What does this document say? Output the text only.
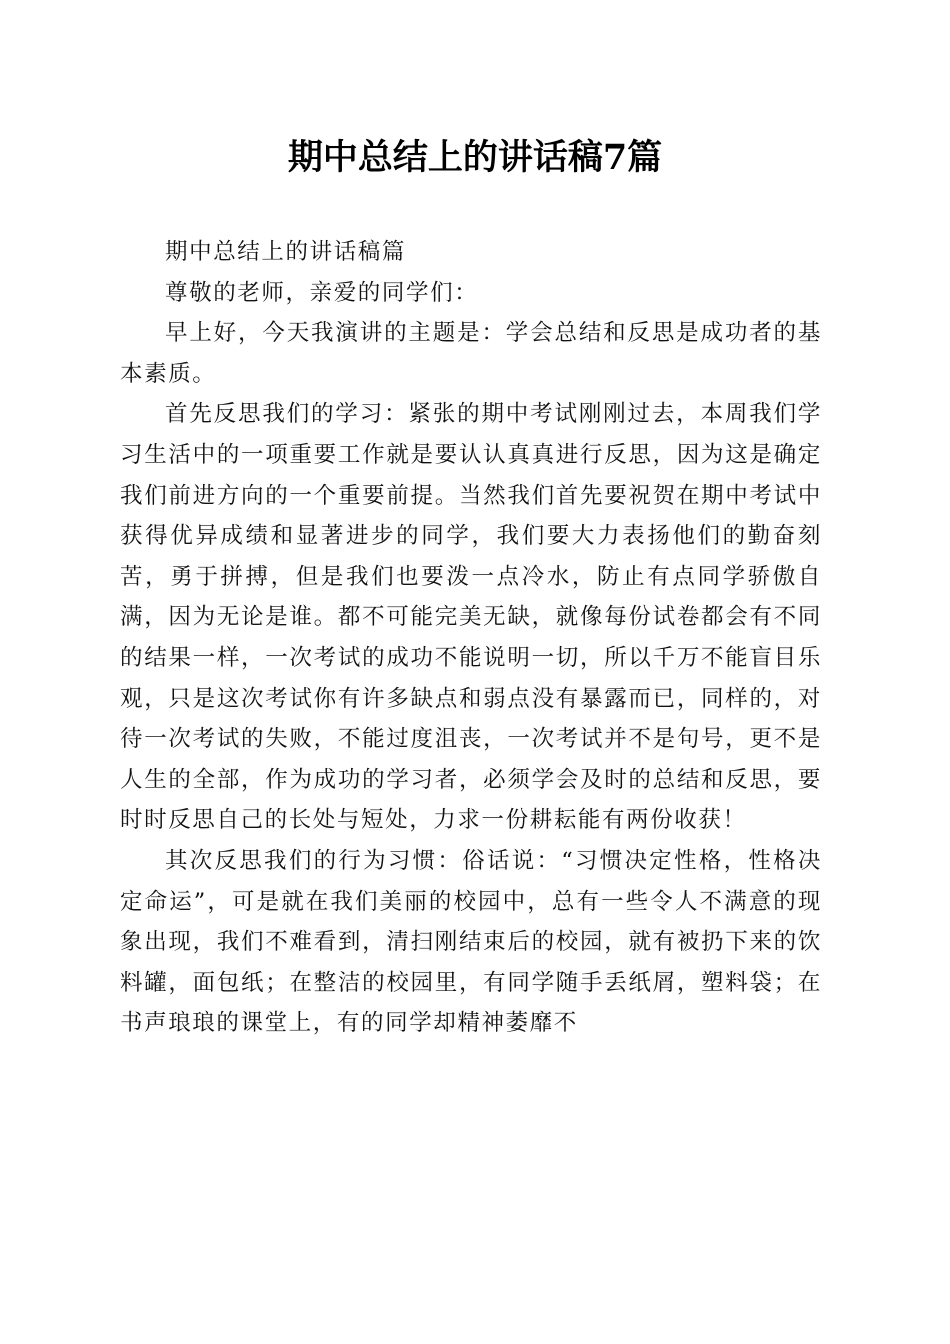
期中总结上的讲话稿7篇

期中总结上的讲话稿篇

尊敬的老师，亲爱的同学们：

早上好，今天我演讲的主题是：学会总结和反思是成功者的基本素质。

首先反思我们的学习：紧张的期中考试刚刚过去，本周我们学习生活中的一项重要工作就是要认认真真进行反思，因为这是确定我们前进方向的一个重要前提。当然我们首先要祝贺在期中考试中获得优异成绩和显著进步的同学，我们要大力表扬他们的勤奋刻苦，勇于拼搏，但是我们也要泼一点冷水，防止有点同学骄傲自满，因为无论是谁。都不可能完美无缺，就像每份试卷都会有不同的结果一样，一次考试的成功不能说明一切，所以千万不能盲目乐观，只是这次考试你有许多缺点和弱点没有暴露而已，同样的，对待一次考试的失败，不能过度沮丧，一次考试并不是句号，更不是人生的全部，作为成功的学习者，必须学会及时的总结和反思，要时时反思自己的长处与短处，力求一份耕耘能有两份收获！

其次反思我们的行为习惯：俗话说：“习惯决定性格，性格决定命运”，可是就在我们美丽的校园中，总有一些令人不满意的现象出现，我们不难看到，清扫刚结束后的校园，就有被扔下来的饮料罐，面包纸；在整洁的校园里，有同学随手丢纸屑，塑料袋；在书声琅琅的课堂上，有的同学却精神萎靡不
